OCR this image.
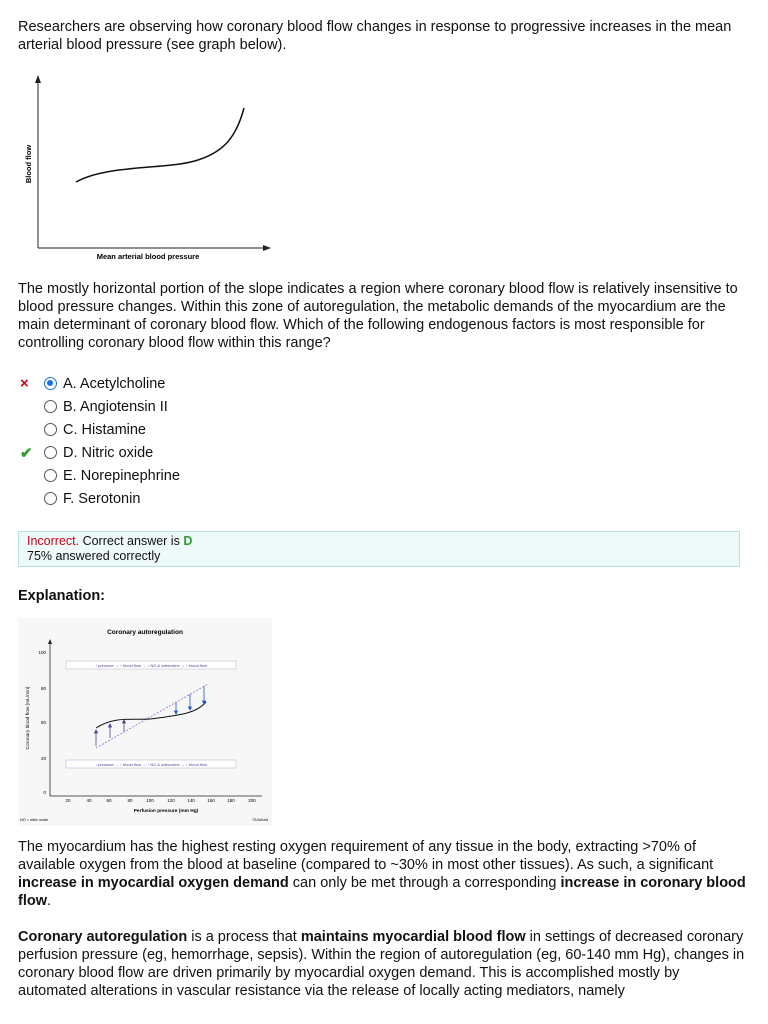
Researchers are observing how coronary blood flow changes in response to progressive increases in the mean arterial blood pressure (see graph below).
Blood flow
Mean arterial blood pressure
The mostly horizontal portion of the slope indicates a region where coronary blood flow is relatively insensitive to blood pressure changes. Within this zone of autoregulation, the metabolic demands of the myocardium are the main determinant of coronary blood flow. Which of the following endogenous factors is most responsible for controlling coronary blood flow within this range?
×	A. Acetylcholine
B. Angiotensin II
C. Histamine
✔	D. Nitric oxide
E. Norepinephrine
F. Serotonin
Incorrect. Correct answer is D
75% answered correctly
Explanation:
Coronary autoregulation
100
80
60
20
0
20	40	60	80	100	120	140	160	180	200
Coronary blood flow (mL/min)
Perfusion pressure (mm Hg)
↑ pressure → ↑ blood flow → ↓ NO & adenosine → ↓ blood flow
↓ pressure → ↓ blood flow → ↑ NO & adenosine → ↑ blood flow
NO = nitric oxide	©UWorld
The myocardium has the highest resting oxygen requirement of any tissue in the body, extracting >70% of available oxygen from the blood at baseline (compared to ~30% in most other tissues). As such, a significant increase in myocardial oxygen demand can only be met through a corresponding increase in coronary blood flow.
Coronary autoregulation is a process that maintains myocardial blood flow in settings of decreased coronary perfusion pressure (eg, hemorrhage, sepsis). Within the region of autoregulation (eg, 60-140 mm Hg), changes in coronary blood flow are driven primarily by myocardial oxygen demand. This is accomplished mostly by automated alterations in vascular resistance via the release of locally acting mediators, namely
